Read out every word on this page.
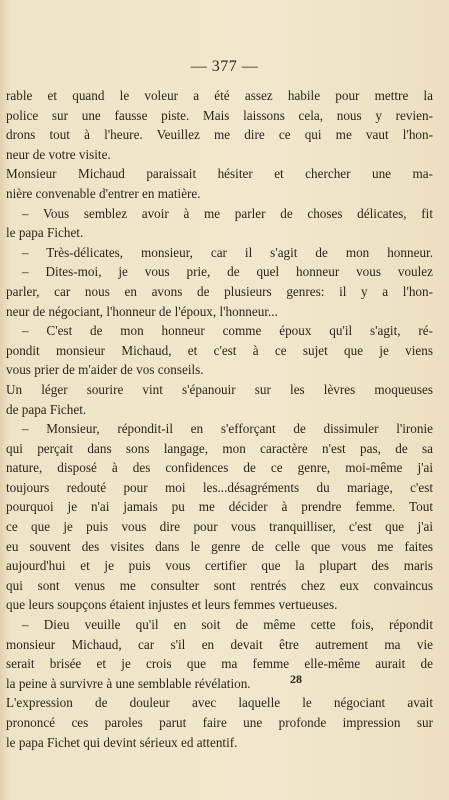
— 377 —
rable et quand le voleur a été assez habile pour mettre la
police sur une fausse piste. Mais laissons cela, nous y revien-
drons tout à l'heure. Veuillez me dire ce qui me vaut l'hon-
neur de votre visite.
Monsieur Michaud paraissait hésiter et chercher une ma-
nière convenable d'entrer en matière.
– Vous semblez avoir à me parler de choses délicates, fit
le papa Fichet.
– Très-délicates, monsieur, car il s'agit de mon honneur.
– Dites-moi, je vous prie, de quel honneur vous voulez
parler, car nous en avons de plusieurs genres: il y a l'hon-
neur de négociant, l'honneur de l'époux, l'honneur...
– C'est de mon honneur comme époux qu'il s'agit, ré-
pondit monsieur Michaud, et c'est à ce sujet que je viens
vous prier de m'aider de vos conseils.
Un léger sourire vint s'épanouir sur les lèvres moqueuses
de papa Fichet.
– Monsieur, répondit-il en s'efforçant de dissimuler l'ironie
qui perçait dans sons langage, mon caractère n'est pas, de sa
nature, disposé à des confidences de ce genre, moi-même j'ai
toujours redouté pour moi les...désagréments du mariage, c'est
pourquoi je n'ai jamais pu me décider à prendre femme. Tout
ce que je puis vous dire pour vous tranquilliser, c'est que j'ai
eu souvent des visites dans le genre de celle que vous me faites
aujourd'hui et je puis vous certifier que la plupart des maris
qui sont venus me consulter sont rentrés chez eux convaincus
que leurs soupçons étaient injustes et leurs femmes vertueuses.
– Dieu veuille qu'il en soit de même cette fois, répondit
monsieur Michaud, car s'il en devait être autrement ma vie
serait brisée et je crois que ma femme elle-même aurait de
la peine à survivre à une semblable révélation.
L'expression de douleur avec laquelle le négociant avait
prononcé ces paroles parut faire une profonde impression sur
le papa Fichet qui devint sérieux ed attentif.
28
